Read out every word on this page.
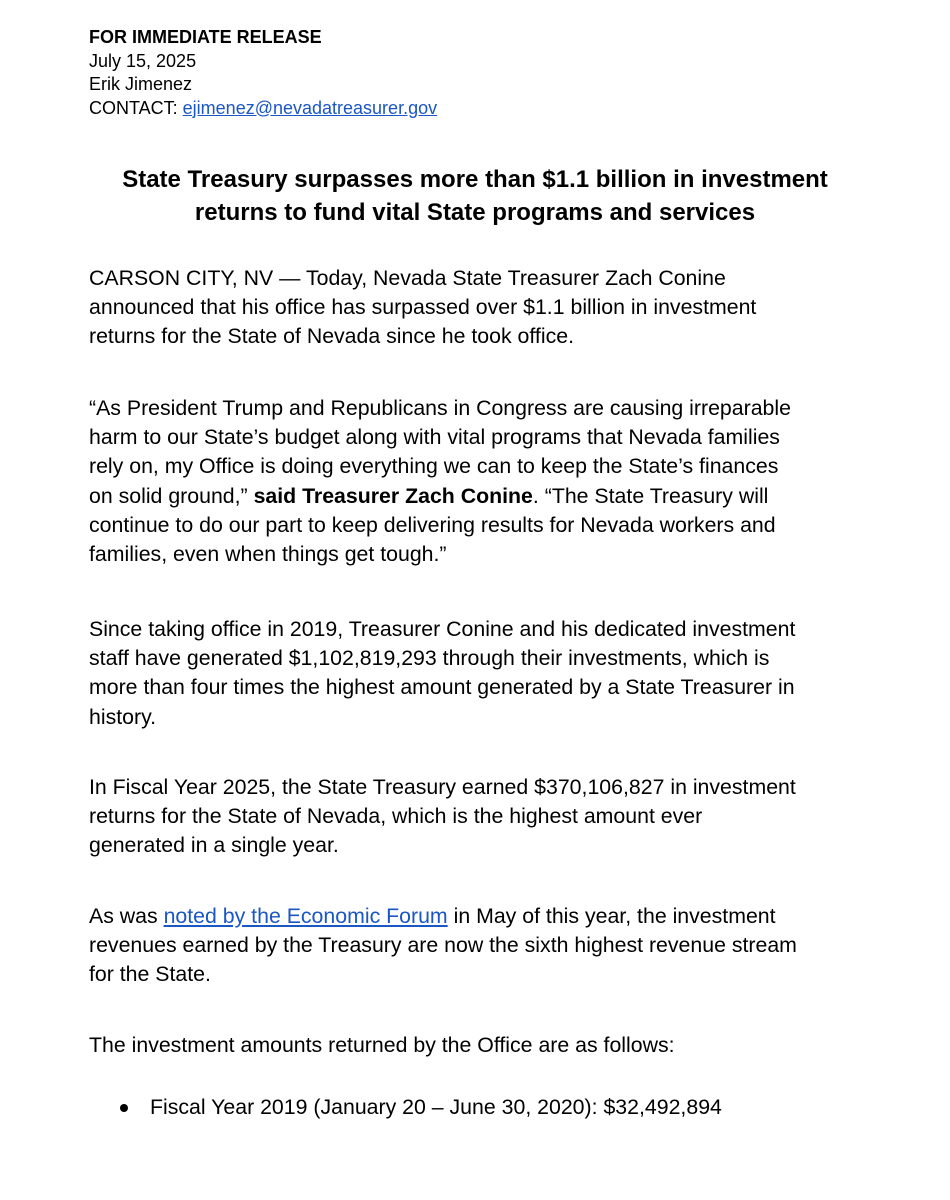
FOR IMMEDIATE RELEASE
July 15, 2025
Erik Jimenez
CONTACT: ejimenez@nevadatreasurer.gov
State Treasury surpasses more than $1.1 billion in investment
returns to fund vital State programs and services
CARSON CITY, NV — Today, Nevada State Treasurer Zach Conine
announced that his office has surpassed over $1.1 billion in investment
returns for the State of Nevada since he took office.
“As President Trump and Republicans in Congress are causing irreparable
harm to our State’s budget along with vital programs that Nevada families
rely on, my Office is doing everything we can to keep the State’s finances
on solid ground,” said Treasurer Zach Conine. “The State Treasury will
continue to do our part to keep delivering results for Nevada workers and
families, even when things get tough.”
Since taking office in 2019, Treasurer Conine and his dedicated investment
staff have generated $1,102,819,293 through their investments, which is
more than four times the highest amount generated by a State Treasurer in
history.
In Fiscal Year 2025, the State Treasury earned $370,106,827 in investment
returns for the State of Nevada, which is the highest amount ever
generated in a single year.
As was noted by the Economic Forum in May of this year, the investment
revenues earned by the Treasury are now the sixth highest revenue stream
for the State.
The investment amounts returned by the Office are as follows:
Fiscal Year 2019 (January 20 – June 30, 2020): $32,492,894
